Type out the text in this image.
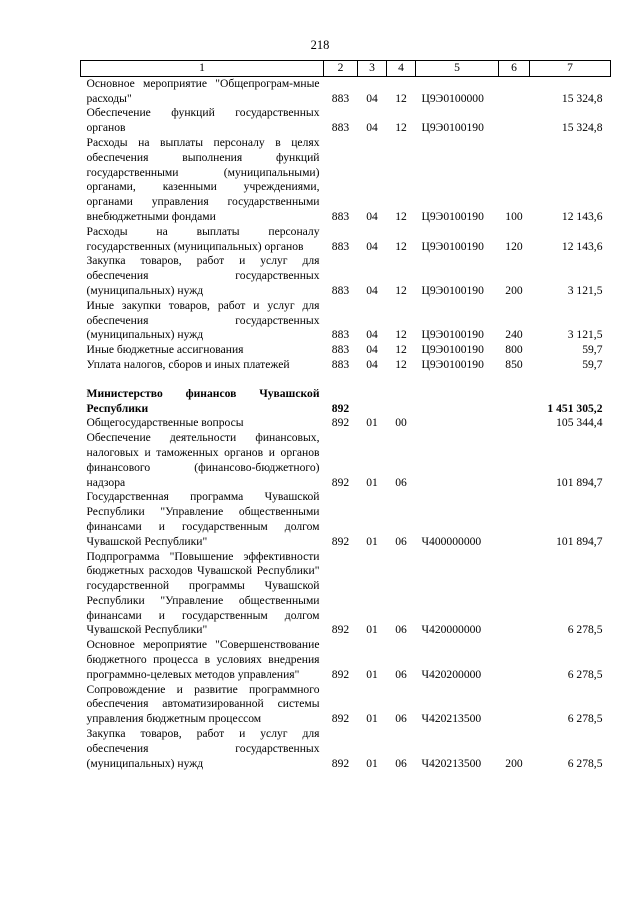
218
1	2	3	4	5	6	7
Основное мероприятие "Общепрограм-мные расходы"	883	04	12	Ц9Э0100000		15 324,8
Обеспечение функций государственных органов	883	04	12	Ц9Э0100190		15 324,8
Расходы на выплаты персоналу в целях обеспечения выполнения функций государственными (муниципальными) органами, казенными учреждениями, органами управления государственными внебюджетными фондами	883	04	12	Ц9Э0100190	100	12 143,6
Расходы на выплаты персоналу государственных (муниципальных) органов	883	04	12	Ц9Э0100190	120	12 143,6
Закупка товаров, работ и услуг для обеспечения государственных (муниципальных) нужд	883	04	12	Ц9Э0100190	200	3 121,5
Иные закупки товаров, работ и услуг для обеспечения государственных (муниципальных) нужд	883	04	12	Ц9Э0100190	240	3 121,5
Иные бюджетные ассигнования	883	04	12	Ц9Э0100190	800	59,7
Уплата налогов, сборов и иных платежей	883	04	12	Ц9Э0100190	850	59,7

Министерство финансов Чувашской Республики	892					1 451 305,2
Общегосударственные вопросы	892	01	00			105 344,4
Обеспечение деятельности финансовых, налоговых и таможенных органов и органов финансового (финансово-бюджетного) надзора	892	01	06			101 894,7
Государственная программа Чувашской Республики "Управление общественными финансами и государственным долгом Чувашской Республики"	892	01	06	Ч400000000		101 894,7
Подпрограмма "Повышение эффективности бюджетных расходов Чувашской Республики" государственной программы Чувашской Республики "Управление общественными финансами и государственным долгом Чувашской Республики"	892	01	06	Ч420000000		6 278,5
Основное мероприятие "Совершенствование бюджетного процесса в условиях внедрения программно-целевых методов управления"	892	01	06	Ч420200000		6 278,5
Сопровождение и развитие программного обеспечения автоматизированной системы управления бюджетным процессом	892	01	06	Ч420213500		6 278,5
Закупка товаров, работ и услуг для обеспечения государственных (муниципальных) нужд	892	01	06	Ч420213500	200	6 278,5
